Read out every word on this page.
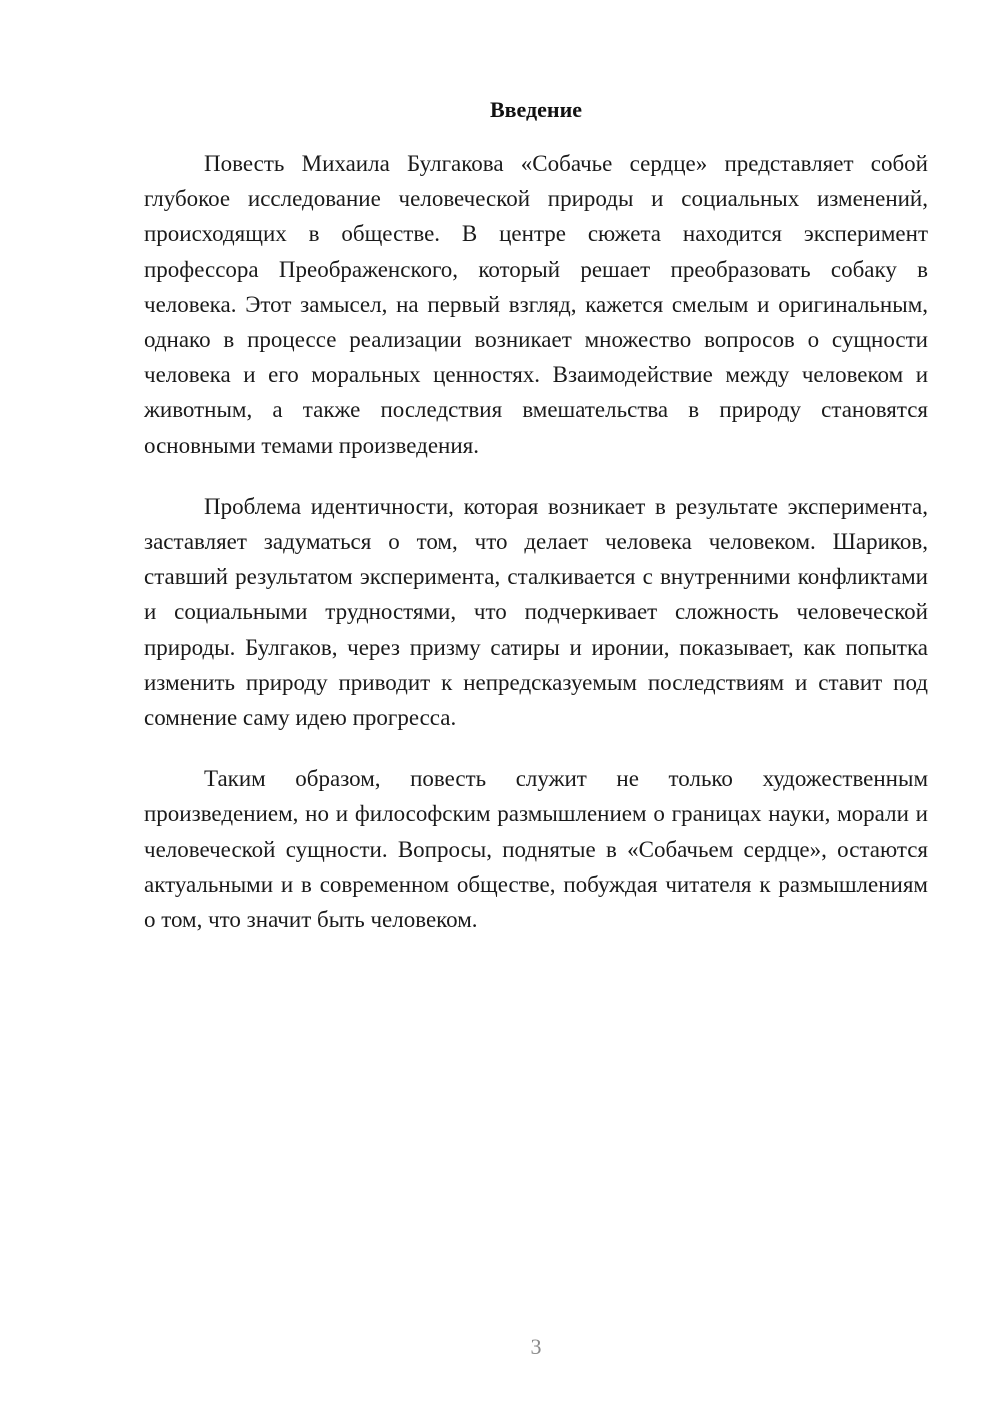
Введение

Повесть Михаила Булгакова «Собачье сердце» представляет собой глубокое исследование человеческой природы и социальных изменений, происходящих в обществе. В центре сюжета находится эксперимент профессора Преображенского, который решает преобразовать собаку в человека. Этот замысел, на первый взгляд, кажется смелым и оригинальным, однако в процессе реализации возникает множество вопросов о сущности человека и его моральных ценностях. Взаимодействие между человеком и животным, а также последствия вмешательства в природу становятся основными темами произведения.

Проблема идентичности, которая возникает в результате эксперимента, заставляет задуматься о том, что делает человека человеком. Шариков, ставший результатом эксперимента, сталкивается с внутренними конфликтами и социальными трудностями, что подчеркивает сложность человеческой природы. Булгаков, через призму сатиры и иронии, показывает, как попытка изменить природу приводит к непредсказуемым последствиям и ставит под сомнение саму идею прогресса.

Таким образом, повесть служит не только художественным произведением, но и философским размышлением о границах науки, морали и человеческой сущности. Вопросы, поднятые в «Собачьем сердце», остаются актуальными и в современном обществе, побуждая читателя к размышлениям о том, что значит быть человеком.

3
